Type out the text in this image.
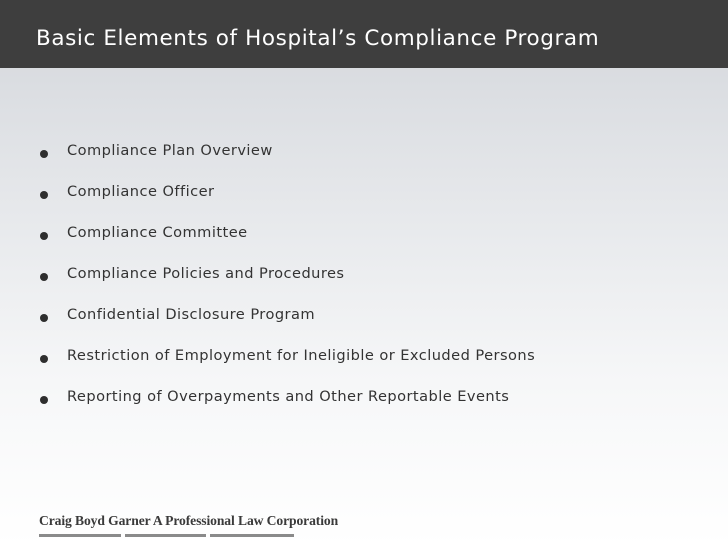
Basic Elements of Hospital’s Compliance Program
Compliance Plan Overview
Compliance Officer
Compliance Committee
Compliance Policies and Procedures
Confidential Disclosure Program
Restriction of Employment for Ineligible or Excluded Persons
Reporting of Overpayments and Other Reportable Events
Craig Boyd Garner A Professional Law Corporation
